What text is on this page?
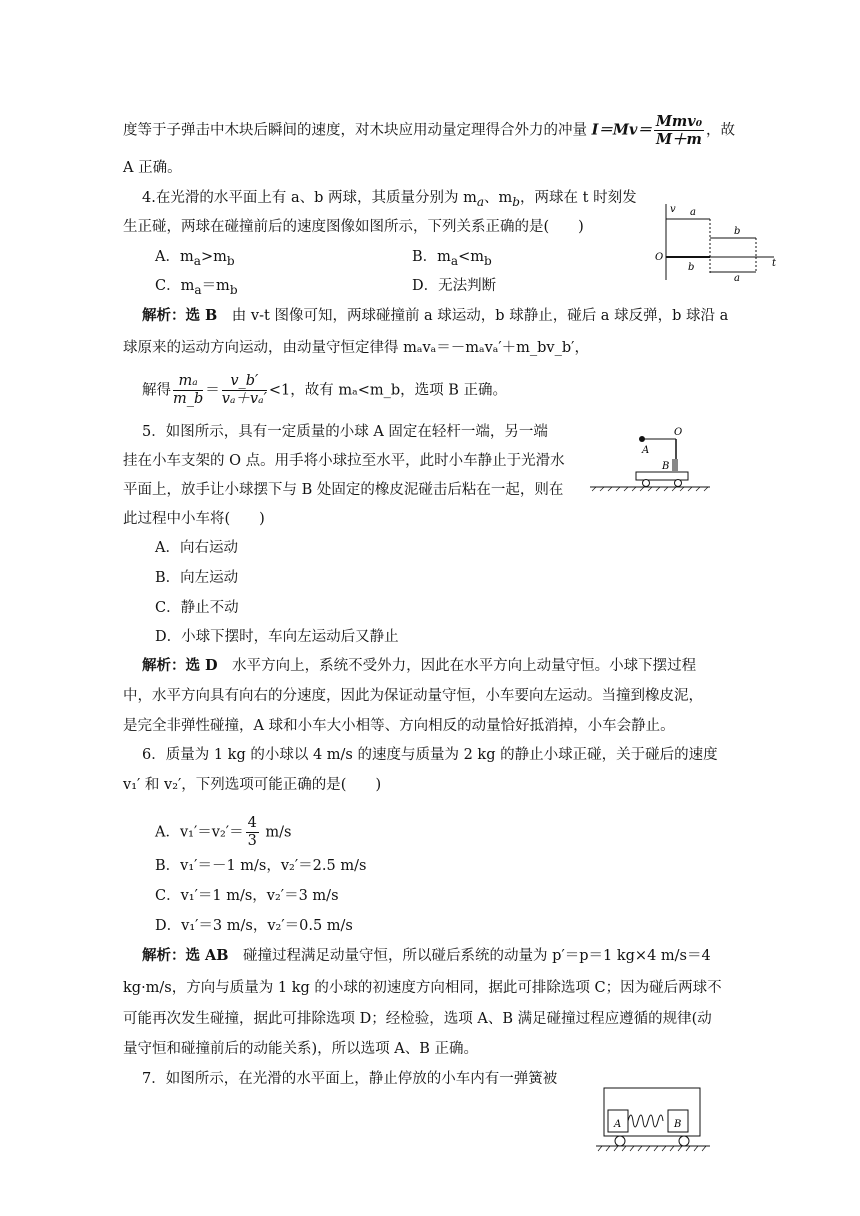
度等于子弹击中木块后瞬间的速度，对木块应用动量定理得合外力的冲量 $I=Mv= \frac{\text{Mmv₀}}{M+m}$ ，故
A 正确。
4.在光滑的水平面上有 a、b 两球，其质量分别为 $m_a$、$m_b$，两球在 t 时刻发
生正碰，两球在碰撞前后的速度图像如图所示，下列关系正确的是(　　)
A．$m_a>m_b$	B．$m_a<m_b$
C．$m_a=m_b$	D．无法判断
v
t
O
a
b
b
a
解析：选 B　由 v-t 图像可知，两球碰撞前 a 球运动，b 球静止，碰后 a 球反弹，b 球沿 a
球原来的运动方向运动，由动量守恒定律得 mₐvₐ＝－mₐvₐ′＋m_bv_b′，
解得 $\frac{\text{mₐ}}{m\_b} = \frac{v\_b'}{\text{vₐ＋vₐ′}} <1$，故有 mₐ<m_b，选项 B 正确。
5．如图所示，具有一定质量的小球 A 固定在轻杆一端，另一端
挂在小车支架的 O 点。用手将小球拉至水平，此时小车静止于光滑水
平面上，放手让小球摆下与 B 处固定的橡皮泥碰击后粘在一起，则在
此过程中小车将(　　)
O
A
B
A．向右运动
B．向左运动
C．静止不动
D．小球下摆时，车向左运动后又静止
解析：选 D　水平方向上，系统不受外力，因此在水平方向上动量守恒。小球下摆过程
中，水平方向具有向右的分速度，因此为保证动量守恒，小车要向左运动。当撞到橡皮泥，
是完全非弹性碰撞，A 球和小车大小相等、方向相反的动量恰好抵消掉，小车会静止。
6．质量为 1 kg 的小球以 4 m/s 的速度与质量为 2 kg 的静止小球正碰，关于碰后的速度
v₁′ 和 v₂′，下列选项可能正确的是(　　)
A．$v_1'=v_2'= \frac{4}{3} m/s$
B．v₁′＝－1 m/s，v₂′＝2.5 m/s
C．v₁′＝1 m/s，v₂′＝3 m/s
D．v₁′＝3 m/s，v₂′＝0.5 m/s
解析：选 AB　碰撞过程满足动量守恒，所以碰后系统的动量为 p′＝p＝1 kg×4 m/s＝4
kg·m/s，方向与质量为 1 kg 的小球的初速度方向相同，据此可排除选项 C；因为碰后两球不
可能再次发生碰撞，据此可排除选项 D；经检验，选项 A、B 满足碰撞过程应遵循的规律(动
量守恒和碰撞前后的动能关系)，所以选项 A、B 正确。
7．如图所示，在光滑的水平面上，静止停放的小车内有一弹簧被
A	B
